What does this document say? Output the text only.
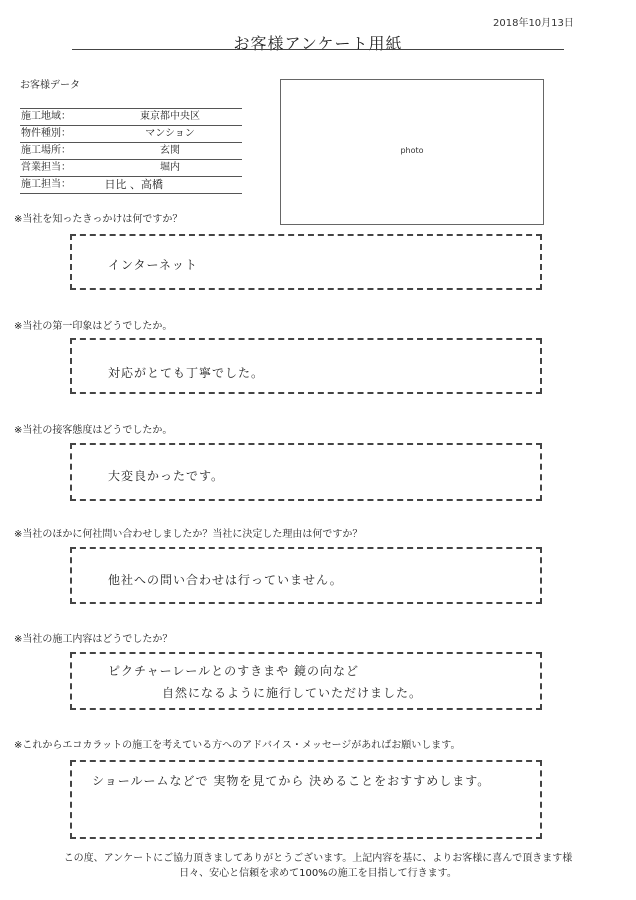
2018年10月13日
お客様アンケート用紙
お客様データ
施工地域：	東京都中央区
物件種別：	マンション
施工場所：	玄関
営業担当：	堀内
施工担当：	日比 、高橋
photo
※当社を知ったきっかけは何ですか？
インターネット
※当社の第一印象はどうでしたか。
対応がとても丁寧でした。
※当社の接客態度はどうでしたか。
大変良かったです。
※当社のほかに何社問い合わせしましたか？当社に決定した理由は何ですか？
他社への問い合わせは行っていません。
※当社の施工内容はどうでしたか？
ピクチャーレールとのすきまや 鏡の向など
自然になるように施行していただけました。
※これからエコカラットの施工を考えている方へのアドバイス・メッセージがあればお願いします。
ショールームなどで 実物を見てから 決めることをおすすめします。
この度、アンケートにご協力頂きましてありがとうございます。上記内容を基に、よりお客様に喜んで頂きます様
日々、安心と信頼を求めて100%の施工を目指して行きます。
